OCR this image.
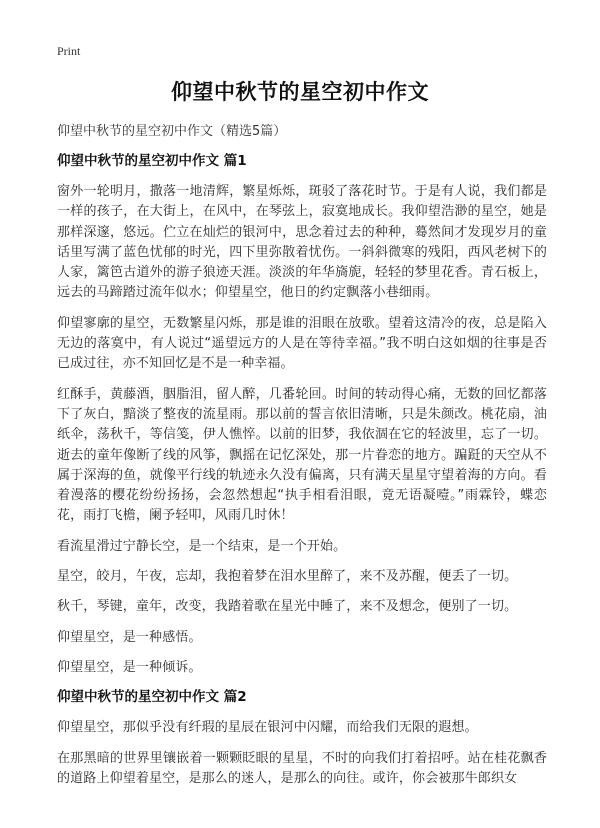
Print
仰望中秋节的星空初中作文

仰望中秋节的星空初中作文（精选5篇）

仰望中秋节的星空初中作文 篇1

窗外一轮明月，撒落一地清辉，繁星烁烁，斑驳了落花时节。于是有人说，我们都是一样的孩子，在大街上，在风中，在琴弦上，寂寞地成长。我仰望浩渺的星空，她是那样深邃，悠远。伫立在灿烂的银河中，思念着过去的种种，蓦然间才发现岁月的童话里写满了蓝色忧郁的时光，四下里弥散着忧伤。一斜斜微寒的残阳，西风老树下的人家，篱笆古道外的游子狼迹天涯。淡淡的年华旖旎，轻轻的梦里花香。青石板上，远去的马蹄踏过流年似水；仰望星空，他日的约定飘落小巷细雨。

仰望寥廓的星空，无数繁星闪烁，那是谁的泪眼在放歌。望着这清冷的夜，总是陷入无边的落寞中，有人说过“遥望远方的人是在等待幸福。”我不明白这如烟的往事是否已成过往，亦不知回忆是不是一种幸福。

红酥手，黄藤酒，胭脂泪，留人醉，几番轮回。时间的转动得心痛，无数的回忆都落下了灰白，黯淡了整夜的流星雨。那以前的誓言依旧清晰，只是朱颜改。桃花扇，油纸伞，荡秋千，等信笺，伊人憔悴。以前的旧梦，我依涸在它的轻波里，忘了一切。逝去的童年像断了线的风筝，飘摇在记忆深处，那一片眷恋的地方。蹁跹的天空从不属于深海的鱼，就像平行线的轨迹永久没有偏离，只有满天星星守望着海的方向。看着漫落的樱花纷纷扬扬，会忽然想起“执手相看泪眼，竟无语凝噎。”雨霖铃，蝶恋花，雨打飞檐，阑予轻叩，风雨几时休！

看流星滑过宁静长空，是一个结束，是一个开始。

星空，皎月，午夜，忘却，我抱着梦在泪水里醉了，来不及苏醒，便丢了一切。

秋千，琴键，童年，改变，我踏着歌在星光中睡了，来不及想念，便别了一切。

仰望星空，是一种感悟。

仰望星空，是一种倾诉。

仰望中秋节的星空初中作文 篇2

仰望星空，那似乎没有纤瑕的星辰在银河中闪耀，而给我们无限的遐想。

在那黑暗的世界里镶嵌着一颗颗眨眼的星星，不时的向我们打着招呼。站在桂花飘香的道路上仰望着星空，是那么的迷人，是那么的向往。或许，你会被那牛郎织女
